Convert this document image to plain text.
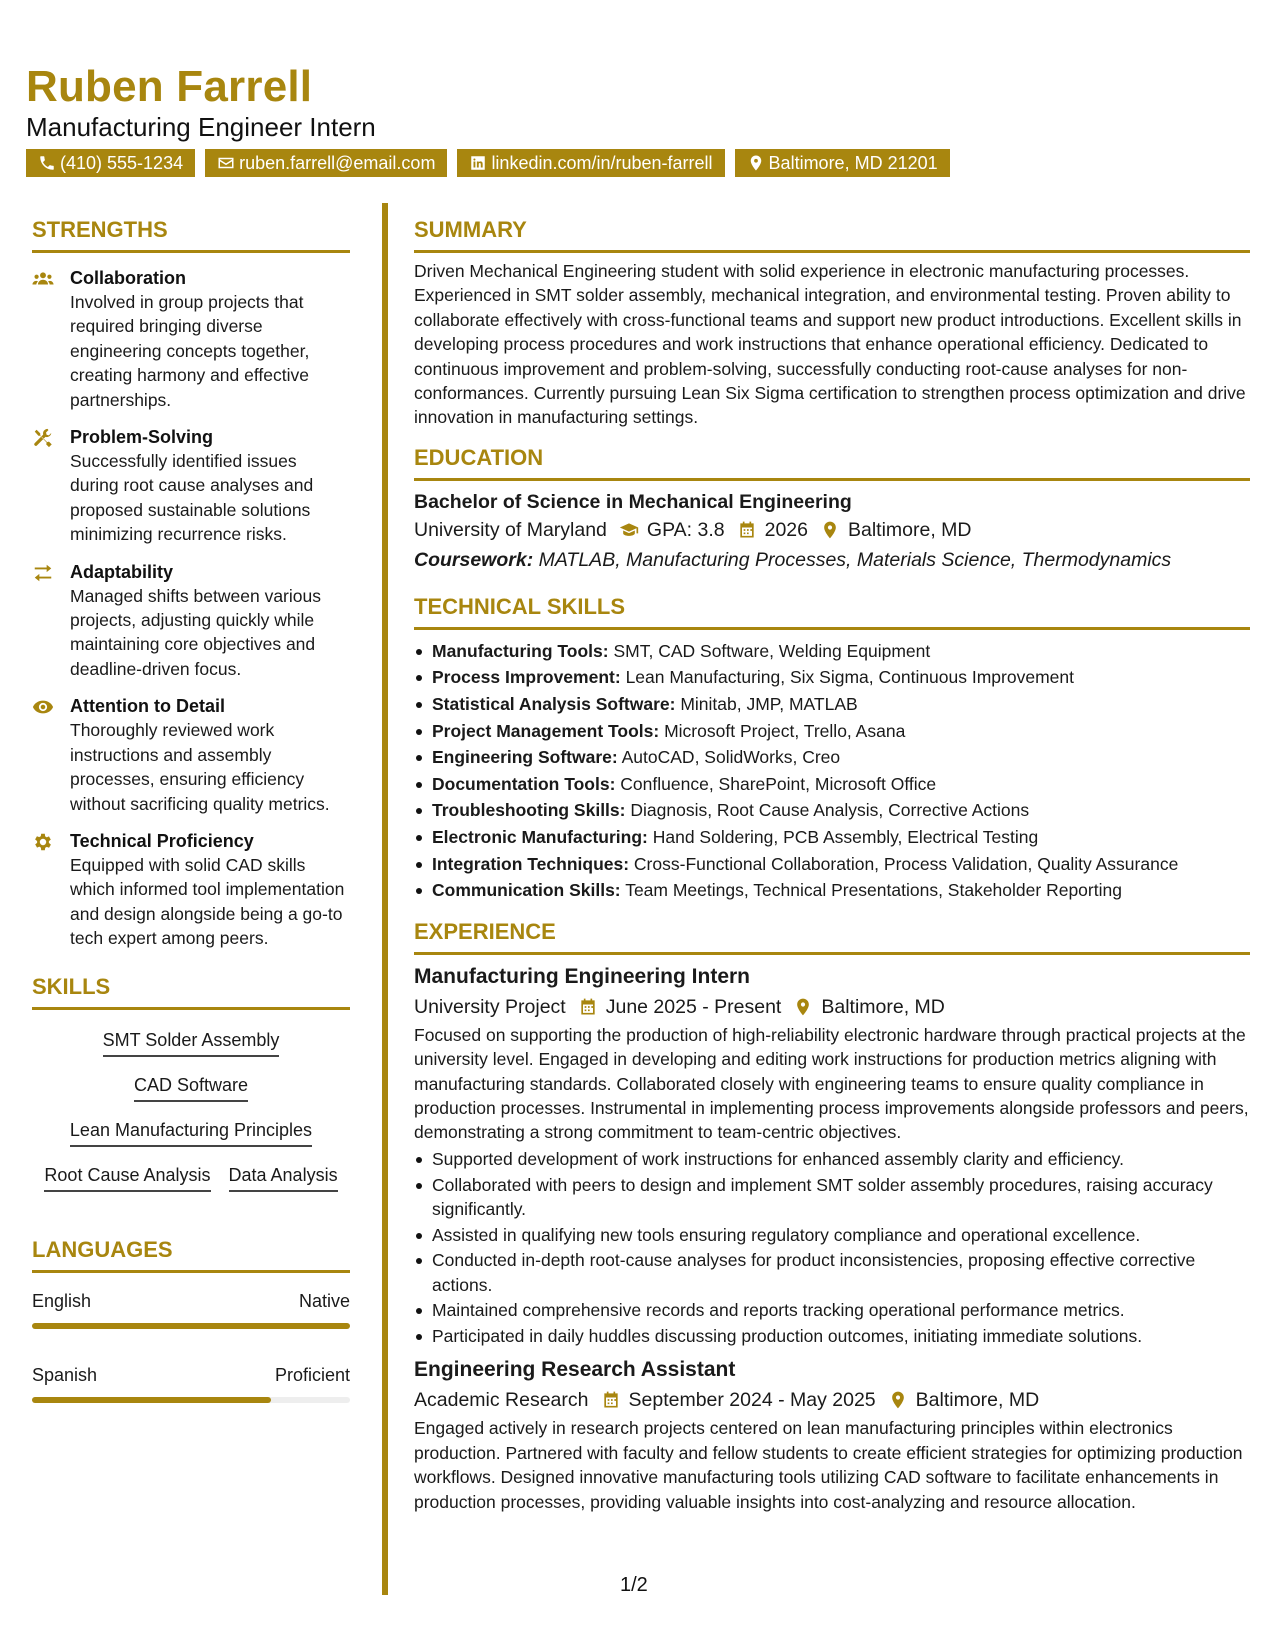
Ruben Farrell
Manufacturing Engineer Intern
(410) 555-1234	ruben.farrell@email.com	linkedin.com/in/ruben-farrell	Baltimore, MD 21201
STRENGTHS
Collaboration
Involved in group projects that required bringing diverse engineering concepts together, creating harmony and effective partnerships.
Problem-Solving
Successfully identified issues during root cause analyses and proposed sustainable solutions minimizing recurrence risks.
Adaptability
Managed shifts between various projects, adjusting quickly while maintaining core objectives and deadline-driven focus.
Attention to Detail
Thoroughly reviewed work instructions and assembly processes, ensuring efficiency without sacrificing quality metrics.
Technical Proficiency
Equipped with solid CAD skills which informed tool implementation and design alongside being a go-to tech expert among peers.
SKILLS
SMT Solder Assembly
CAD Software
Lean Manufacturing Principles
Root Cause Analysis Data Analysis
LANGUAGES
English	Native
Spanish	Proficient
SUMMARY
Driven Mechanical Engineering student with solid experience in electronic manufacturing processes. Experienced in SMT solder assembly, mechanical integration, and environmental testing. Proven ability to collaborate effectively with cross-functional teams and support new product introductions. Excellent skills in developing process procedures and work instructions that enhance operational efficiency. Dedicated to continuous improvement and problem-solving, successfully conducting root-cause analyses for non-conformances. Currently pursuing Lean Six Sigma certification to strengthen process optimization and drive innovation in manufacturing settings.
EDUCATION
Bachelor of Science in Mechanical Engineering
University of Maryland GPA: 3.8 2026 Baltimore, MD
Coursework: MATLAB, Manufacturing Processes, Materials Science, Thermodynamics
TECHNICAL SKILLS
Manufacturing Tools: SMT, CAD Software, Welding Equipment
Process Improvement: Lean Manufacturing, Six Sigma, Continuous Improvement
Statistical Analysis Software: Minitab, JMP, MATLAB
Project Management Tools: Microsoft Project, Trello, Asana
Engineering Software: AutoCAD, SolidWorks, Creo
Documentation Tools: Confluence, SharePoint, Microsoft Office
Troubleshooting Skills: Diagnosis, Root Cause Analysis, Corrective Actions
Electronic Manufacturing: Hand Soldering, PCB Assembly, Electrical Testing
Integration Techniques: Cross-Functional Collaboration, Process Validation, Quality Assurance
Communication Skills: Team Meetings, Technical Presentations, Stakeholder Reporting
EXPERIENCE
Manufacturing Engineering Intern
University Project June 2025 - Present Baltimore, MD
Focused on supporting the production of high-reliability electronic hardware through practical projects at the university level. Engaged in developing and editing work instructions for production metrics aligning with manufacturing standards. Collaborated closely with engineering teams to ensure quality compliance in production processes. Instrumental in implementing process improvements alongside professors and peers, demonstrating a strong commitment to team-centric objectives.
Supported development of work instructions for enhanced assembly clarity and efficiency.
Collaborated with peers to design and implement SMT solder assembly procedures, raising accuracy significantly.
Assisted in qualifying new tools ensuring regulatory compliance and operational excellence.
Conducted in-depth root-cause analyses for product inconsistencies, proposing effective corrective actions.
Maintained comprehensive records and reports tracking operational performance metrics.
Participated in daily huddles discussing production outcomes, initiating immediate solutions.
Engineering Research Assistant
Academic Research September 2024 - May 2025 Baltimore, MD
Engaged actively in research projects centered on lean manufacturing principles within electronics production. Partnered with faculty and fellow students to create efficient strategies for optimizing production workflows. Designed innovative manufacturing tools utilizing CAD software to facilitate enhancements in production processes, providing valuable insights into cost-analyzing and resource allocation.
1/2
